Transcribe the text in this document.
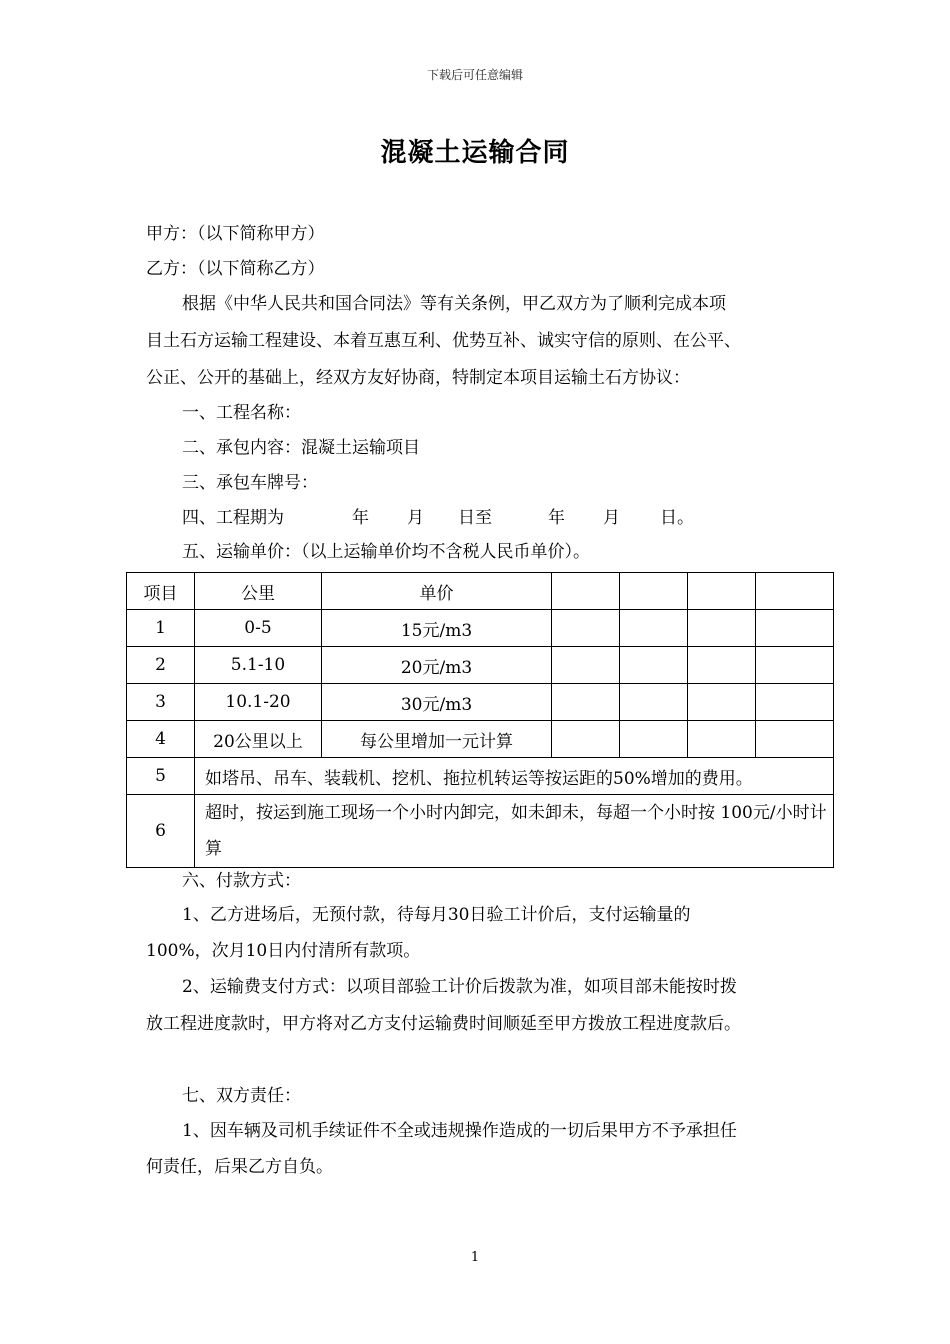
下载后可任意编辑
混凝土运输合同
甲方：（以下简称甲方）
乙方：（以下简称乙方）
根据《中华人民共和国合同法》等有关条例，甲乙双方为了顺利完成本项
目土石方运输工程建设、本着互惠互利、优势互补、诚实守信的原则、在公平、
公正、公开的基础上，经双方友好协商，特制定本项目运输土石方协议：
一、工程名称：
二、承包内容：混凝土运输项目
三、承包车牌号：
四、工程期为	年 月 日至	年 月 日。
五、运输单价：（以上运输单价均不含税人民币单价）。
项目	公里	单价				
1	0-5	15元/m3				
2	5.1-10	20元/m3				
3	10.1-20	30元/m3				
4	20公里以上	每公里增加一元计算				
5	如塔吊、吊车、装载机、挖机、拖拉机转运等按运距的50%增加的费用。					
6	超时，按运到施工现场一个小时内卸完，如未卸未，每超一个小时按 100元/小时计算					
六、付款方式：
1、乙方进场后，无预付款，待每月30日验工计价后，支付运输量的
100%，次月10日内付清所有款项。
2、运输费支付方式：以项目部验工计价后拨款为准，如项目部未能按时拨
放工程进度款时，甲方将对乙方支付运输费时间顺延至甲方拨放工程进度款后。
七、双方责任：
1、因车辆及司机手续证件不全或违规操作造成的一切后果甲方不予承担任
何责任，后果乙方自负。
1
